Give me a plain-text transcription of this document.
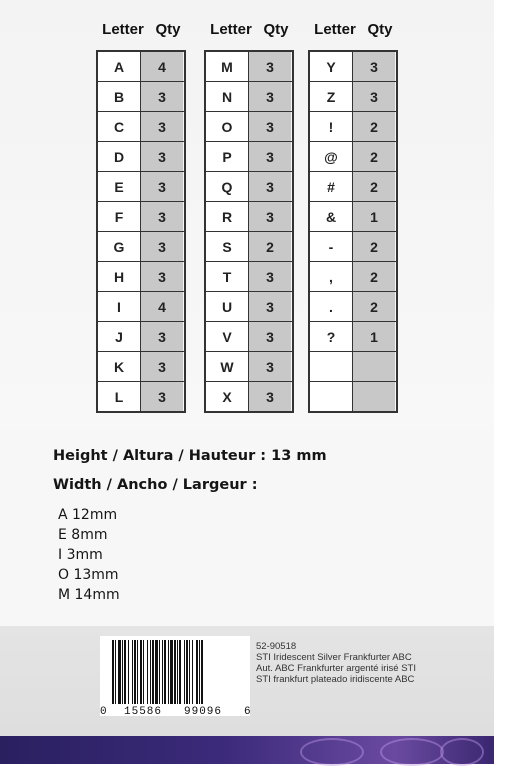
Letter Qty
A	4
B	3
C	3
D	3
E	3
F	3
G	3
H	3
I	4
J	3
K	3
L	3
Letter Qty
M	3
N	3
O	3
P	3
Q	3
R	3
S	2
T	3
U	3
V	3
W	3
X	3
Letter Qty
Y	3
Z	3
!	2
@	2
#	2
&	1
-	2
,	2
.	2
?	1
Height / Altura / Hauteur : 13 mm
Width / Ancho / Largeur :
A 12mm
E 8mm
I 3mm
O 13mm
M 14mm
0 15586 99096 6
52-90518
STI Iridescent Silver Frankfurter ABC
Aut. ABC Frankfurter argenté irisé STI
STI frankfurt plateado iridiscente ABC
